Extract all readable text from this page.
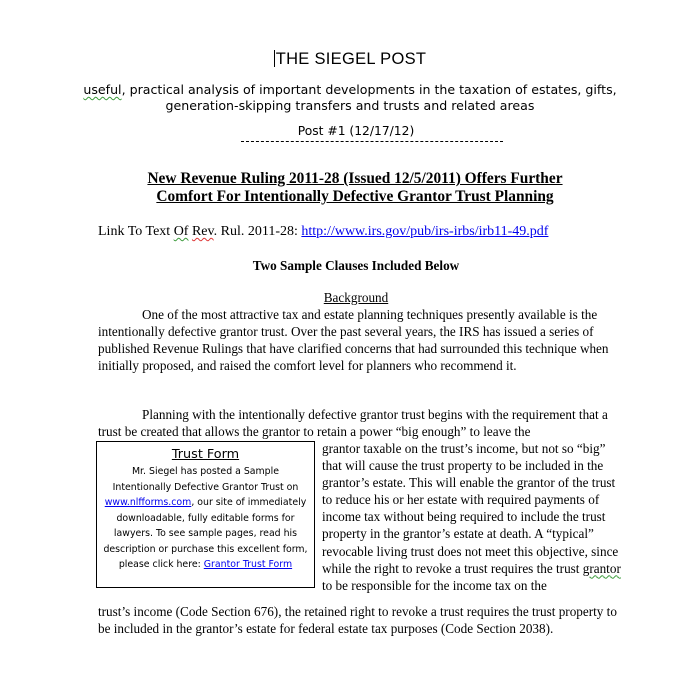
THE SIEGEL POST
useful, practical analysis of important developments in the taxation of estates, gifts,
generation-skipping transfers and trusts and related areas
Post #1 (12/17/12)
New Revenue Ruling 2011-28 (Issued 12/5/2011) Offers Further
Comfort For Intentionally Defective Grantor Trust Planning
Link To Text Of Rev. Rul. 2011-28: http://www.irs.gov/pub/irs-irbs/irb11-49.pdf
Two Sample Clauses Included Below
Background

One of the most attractive tax and estate planning techniques presently available is the intentionally defective grantor trust. Over the past several years, the IRS has issued a series of published Revenue Rulings that have clarified concerns that had surrounded this technique when initially proposed, and raised the comfort level for planners who recommend it.

Planning with the intentionally defective grantor trust begins with the requirement that a trust be created that allows the grantor to retain a power “big enough” to leave the

grantor taxable on the trust’s income, but not so “big” that will cause the trust property to be included in the grantor’s estate. This will enable the grantor of the trust to reduce his or her estate with required payments of income tax without being required to include the trust property in the grantor’s estate at death. A “typical” revocable living trust does not meet this objective, since while the right to revoke a trust requires the trust grantor to be responsible for the income tax on the

trust’s income (Code Section 676), the retained right to revoke a trust requires the trust property to be included in the grantor’s estate for federal estate tax purposes (Code Section 2038).

Trust Form
Mr. Siegel has posted a Sample Intentionally Defective Grantor Trust on www.nlfforms.com, our site of immediately downloadable, fully editable forms for lawyers. To see sample pages, read his description or purchase this excellent form, please click here: Grantor Trust Form
